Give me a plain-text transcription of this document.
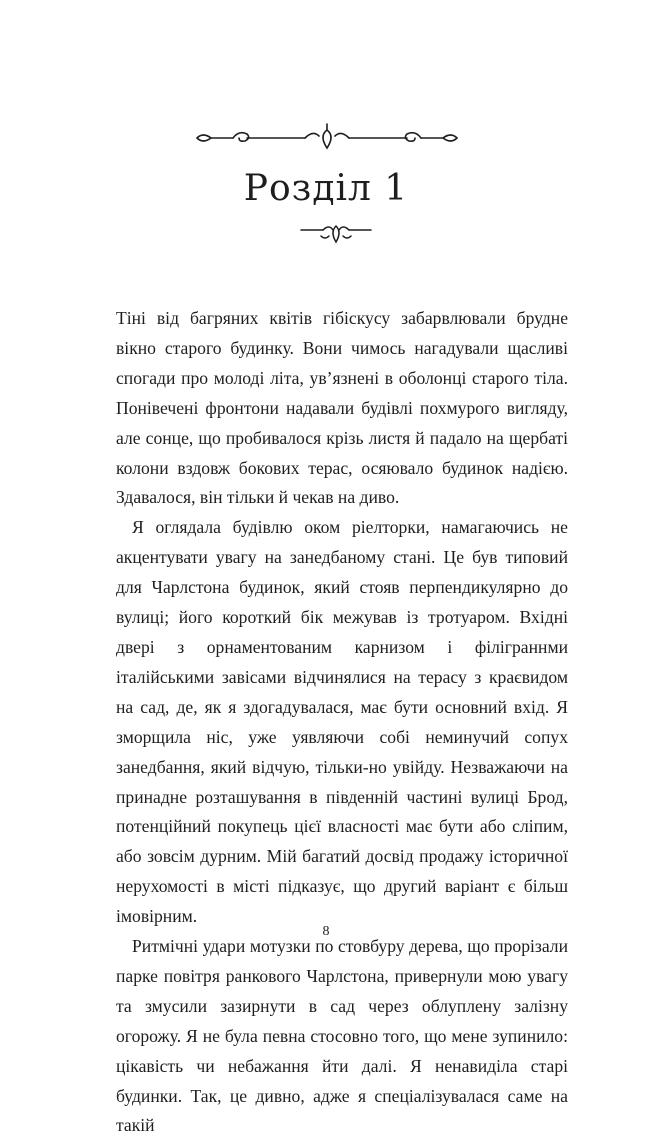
Розділ 1

Тіні від багряних квітів гібіскусу забарвлювали брудне вікно старого будинку. Вони чимось нагадували щасливі спогади про молоді літа, ув’язнені в оболонці старого тіла. Понівечені фронтони надавали будівлі похмурого вигляду, але сонце, що пробивалося крізь листя й падало на щербаті колони вздовж бокових терас, осяювало будинок надією. Здавалося, він тільки й чекав на диво.

Я оглядала будівлю оком ріелторки, намагаючись не акцентувати увагу на занедбаному стані. Це був типовий для Чарлстона будинок, який стояв перпендикулярно до вулиці; його короткий бік межував із тротуаром. Вхідні двері з орнаментованим карнизом і філіграннми італійськими завісами відчинялися на терасу з краєвидом на сад, де, як я здогадувалася, має бути основний вхід. Я зморщила ніс, уже уявляючи собі неминучий сопух занедбання, який відчую, тільки-но увійду. Незважаючи на принадне розташування в південній частині вулиці Брод, потенційний покупець цієї власності має бути або сліпим, або зовсім дурним. Мій багатий досвід продажу історичної нерухомості в місті підказує, що другий варіант є більш імовірним.

Ритмічні удари мотузки по стовбуру дерева, що прорізали парке повітря ранкового Чарлстона, привернули мою увагу та змусили зазирнути в сад через облуплену залізну огорожу. Я не була певна стосовно того, що мене зупинило: цікавість чи небажання йти далі. Я ненавиділа старі будинки. Так, це дивно, адже я спеціалізувалася саме на такій

8
